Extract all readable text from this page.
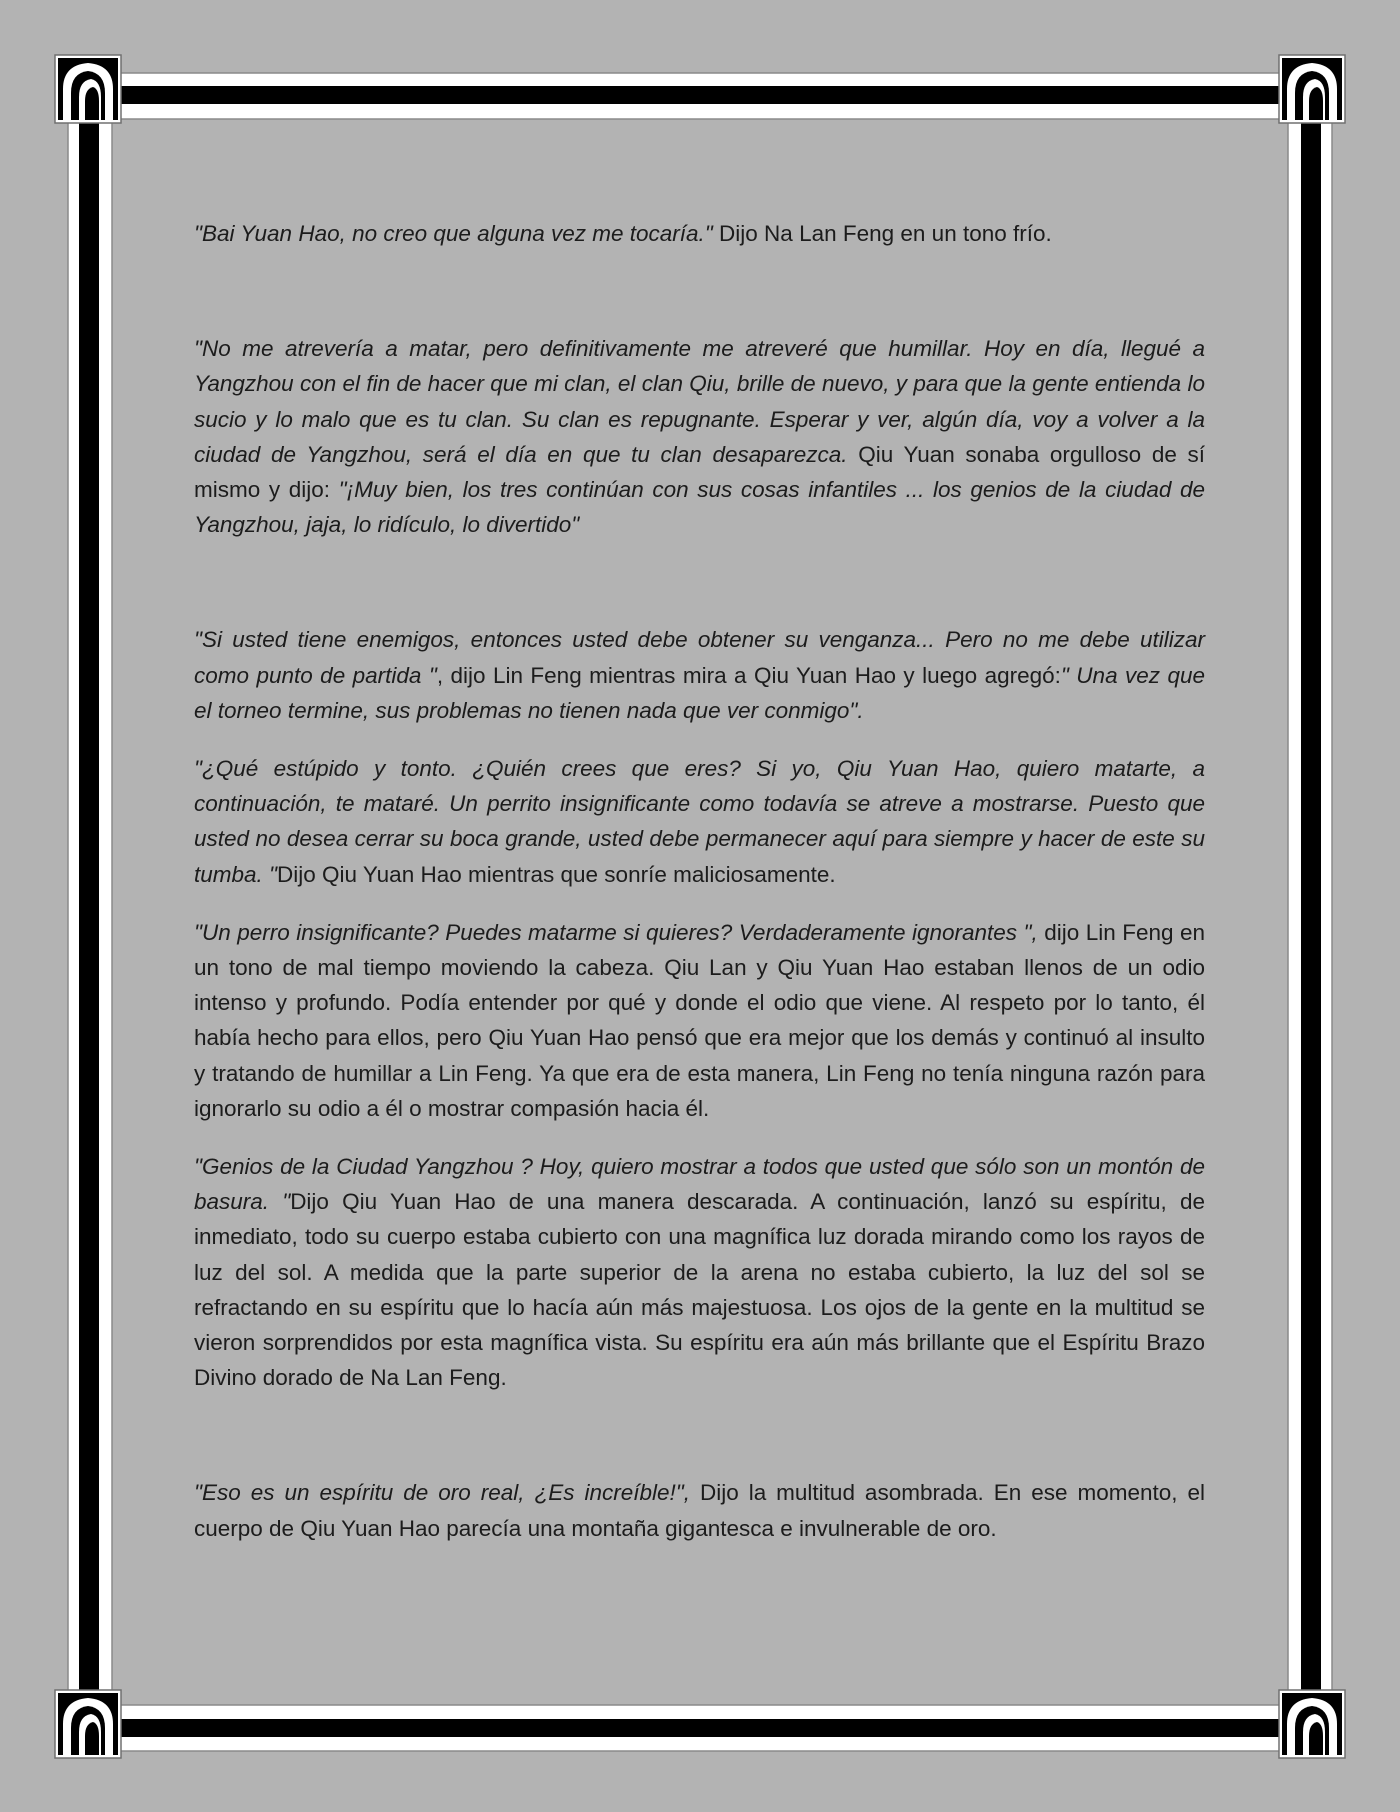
"Bai Yuan Hao, no creo que alguna vez me tocaría." Dijo Na Lan Feng en un tono frío.

"No me atrevería a matar, pero definitivamente me atreveré que humillar. Hoy en día, llegué a Yangzhou con el fin de hacer que mi clan, el clan Qiu, brille de nuevo, y para que la gente entienda lo sucio y lo malo que es tu clan. Su clan es repugnante. Esperar y ver, algún día, voy a volver a la ciudad de Yangzhou, será el día en que tu clan desaparezca. Qiu Yuan sonaba orgulloso de sí mismo y dijo: "¡Muy bien, los tres continúan con sus cosas infantiles ... los genios de la ciudad de Yangzhou, jaja, lo ridículo, lo divertido"

"Si usted tiene enemigos, entonces usted debe obtener su venganza... Pero no me debe utilizar como punto de partida ", dijo Lin Feng mientras mira a Qiu Yuan Hao y luego agregó:" Una vez que el torneo termine, sus problemas no tienen nada que ver conmigo".

"¿Qué estúpido y tonto. ¿Quién crees que eres? Si yo, Qiu Yuan Hao, quiero matarte, a continuación, te mataré. Un perrito insignificante como todavía se atreve a mostrarse. Puesto que usted no desea cerrar su boca grande, usted debe permanecer aquí para siempre y hacer de este su tumba. "Dijo Qiu Yuan Hao mientras que sonríe maliciosamente.

"Un perro insignificante? Puedes matarme si quieres? Verdaderamente ignorantes ", dijo Lin Feng en un tono de mal tiempo moviendo la cabeza. Qiu Lan y Qiu Yuan Hao estaban llenos de un odio intenso y profundo. Podía entender por qué y donde el odio que viene. Al respeto por lo tanto, él había hecho para ellos, pero Qiu Yuan Hao pensó que era mejor que los demás y continuó al insulto y tratando de humillar a Lin Feng. Ya que era de esta manera, Lin Feng no tenía ninguna razón para ignorarlo su odio a él o mostrar compasión hacia él.

"Genios de la Ciudad Yangzhou ? Hoy, quiero mostrar a todos que usted que sólo son un montón de basura. "Dijo Qiu Yuan Hao de una manera descarada. A continuación, lanzó su espíritu, de inmediato, todo su cuerpo estaba cubierto con una magnífica luz dorada mirando como los rayos de luz del sol. A medida que la parte superior de la arena no estaba cubierto, la luz del sol se refractando en su espíritu que lo hacía aún más majestuosa. Los ojos de la gente en la multitud se vieron sorprendidos por esta magnífica vista. Su espíritu era aún más brillante que el Espíritu Brazo Divino dorado de Na Lan Feng.

"Eso es un espíritu de oro real, ¿Es increíble!", Dijo la multitud asombrada. En ese momento, el cuerpo de Qiu Yuan Hao parecía una montaña gigantesca e invulnerable de oro.
